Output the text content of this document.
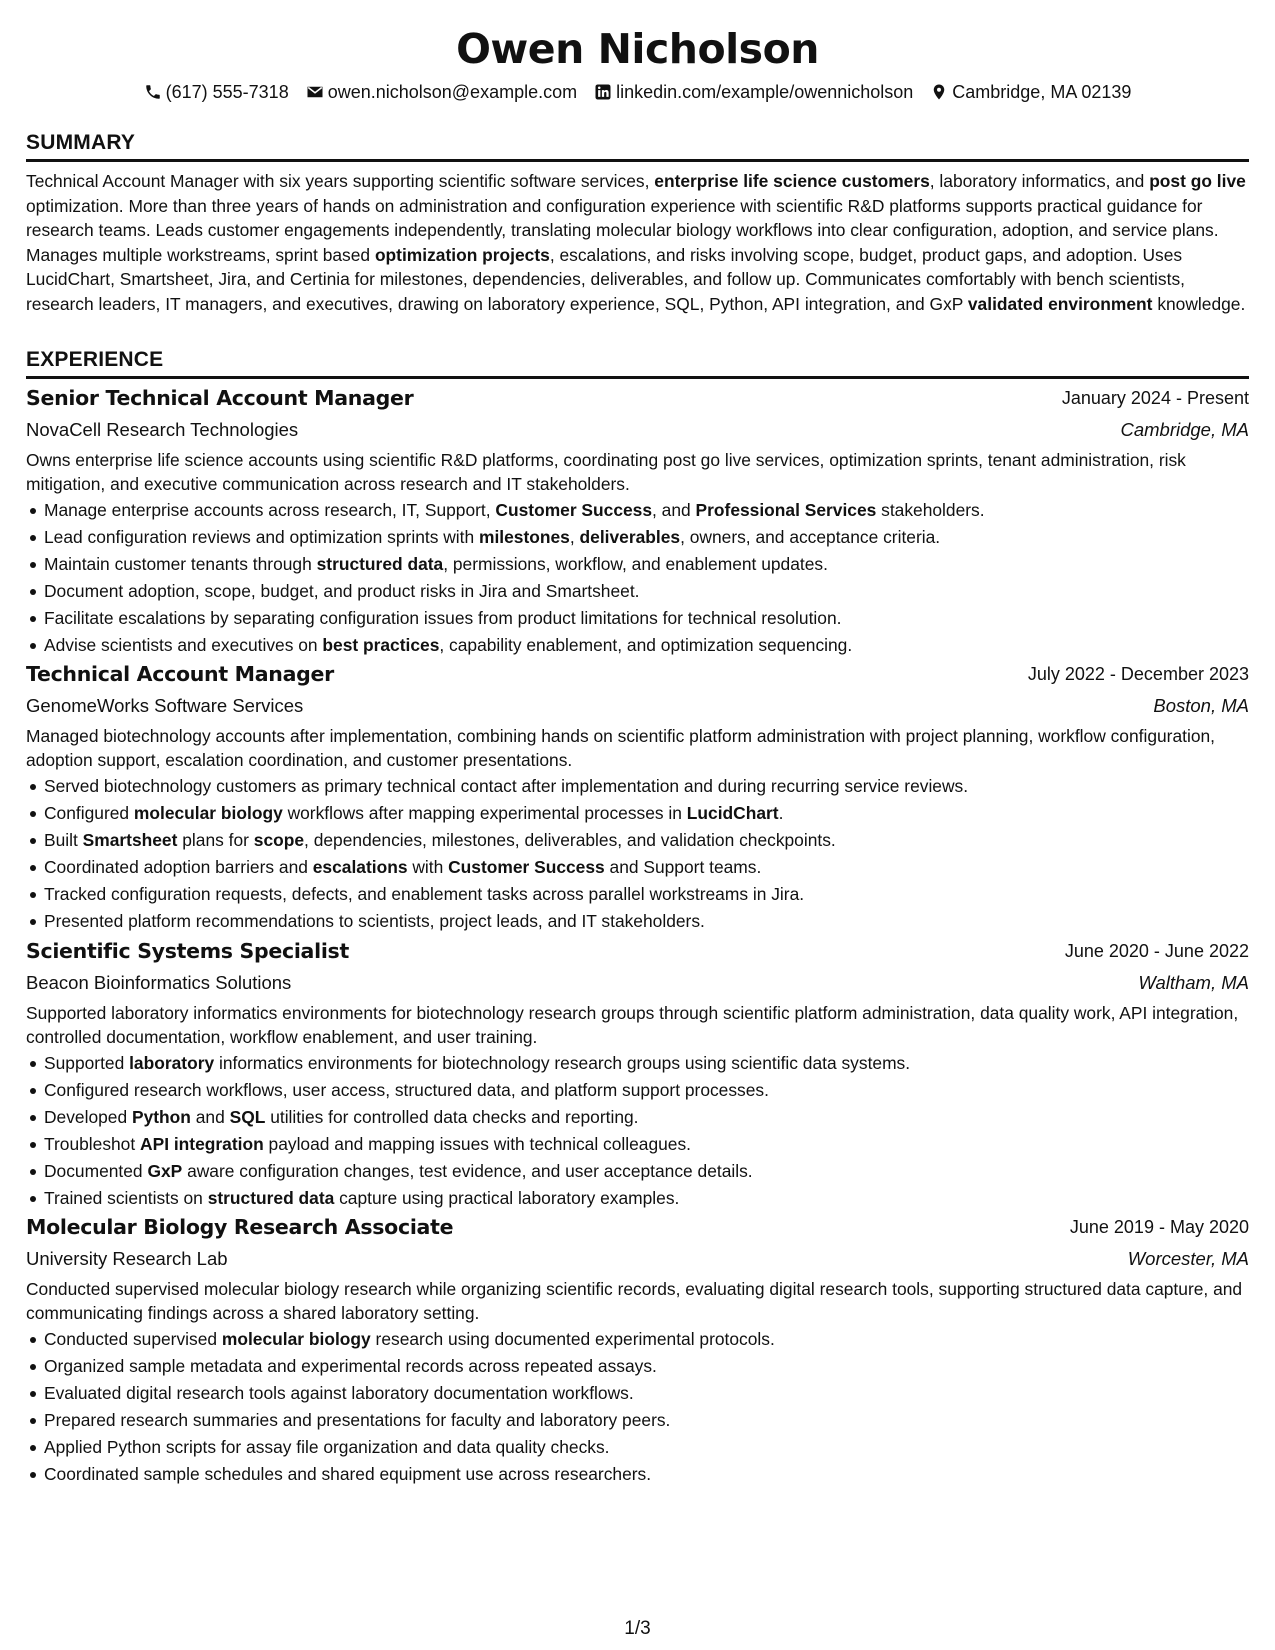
Owen Nicholson
(617) 555-7318 owen.nicholson@example.com linkedin.com/example/owennicholson Cambridge, MA 02139
SUMMARY

Technical Account Manager with six years supporting scientific software services, enterprise life science customers, laboratory informatics, and post go live optimization. More than three years of hands on administration and configuration experience with scientific R&D platforms supports practical guidance for research teams. Leads customer engagements independently, translating molecular biology workflows into clear configuration, adoption, and service plans. Manages multiple workstreams, sprint based optimization projects, escalations, and risks involving scope, budget, product gaps, and adoption. Uses LucidChart, Smartsheet, Jira, and Certinia for milestones, dependencies, deliverables, and follow up. Communicates comfortably with bench scientists, research leaders, IT managers, and executives, drawing on laboratory experience, SQL, Python, API integration, and GxP validated environment knowledge.

EXPERIENCE
Senior Technical Account Manager	January 2024 - Present
NovaCell Research Technologies	Cambridge, MA

Owns enterprise life science accounts using scientific R&D platforms, coordinating post go live services, optimization sprints, tenant administration, risk mitigation, and executive communication across research and IT stakeholders.

Manage enterprise accounts across research, IT, Support, Customer Success, and Professional Services stakeholders.
Lead configuration reviews and optimization sprints with milestones, deliverables, owners, and acceptance criteria.
Maintain customer tenants through structured data, permissions, workflow, and enablement updates.
Document adoption, scope, budget, and product risks in Jira and Smartsheet.
Facilitate escalations by separating configuration issues from product limitations for technical resolution.
Advise scientists and executives on best practices, capability enablement, and optimization sequencing.
Technical Account Manager	July 2022 - December 2023
GenomeWorks Software Services	Boston, MA

Managed biotechnology accounts after implementation, combining hands on scientific platform administration with project planning, workflow configuration, adoption support, escalation coordination, and customer presentations.

Served biotechnology customers as primary technical contact after implementation and during recurring service reviews.
Configured molecular biology workflows after mapping experimental processes in LucidChart.
Built Smartsheet plans for scope, dependencies, milestones, deliverables, and validation checkpoints.
Coordinated adoption barriers and escalations with Customer Success and Support teams.
Tracked configuration requests, defects, and enablement tasks across parallel workstreams in Jira.
Presented platform recommendations to scientists, project leads, and IT stakeholders.
Scientific Systems Specialist	June 2020 - June 2022
Beacon Bioinformatics Solutions	Waltham, MA

Supported laboratory informatics environments for biotechnology research groups through scientific platform administration, data quality work, API integration, controlled documentation, workflow enablement, and user training.

Supported laboratory informatics environments for biotechnology research groups using scientific data systems.
Configured research workflows, user access, structured data, and platform support processes.
Developed Python and SQL utilities for controlled data checks and reporting.
Troubleshot API integration payload and mapping issues with technical colleagues.
Documented GxP aware configuration changes, test evidence, and user acceptance details.
Trained scientists on structured data capture using practical laboratory examples.
Molecular Biology Research Associate	June 2019 - May 2020
University Research Lab	Worcester, MA

Conducted supervised molecular biology research while organizing scientific records, evaluating digital research tools, supporting structured data capture, and communicating findings across a shared laboratory setting.

Conducted supervised molecular biology research using documented experimental protocols.
Organized sample metadata and experimental records across repeated assays.
Evaluated digital research tools against laboratory documentation workflows.
Prepared research summaries and presentations for faculty and laboratory peers.
Applied Python scripts for assay file organization and data quality checks.
Coordinated sample schedules and shared equipment use across researchers.
1/3
